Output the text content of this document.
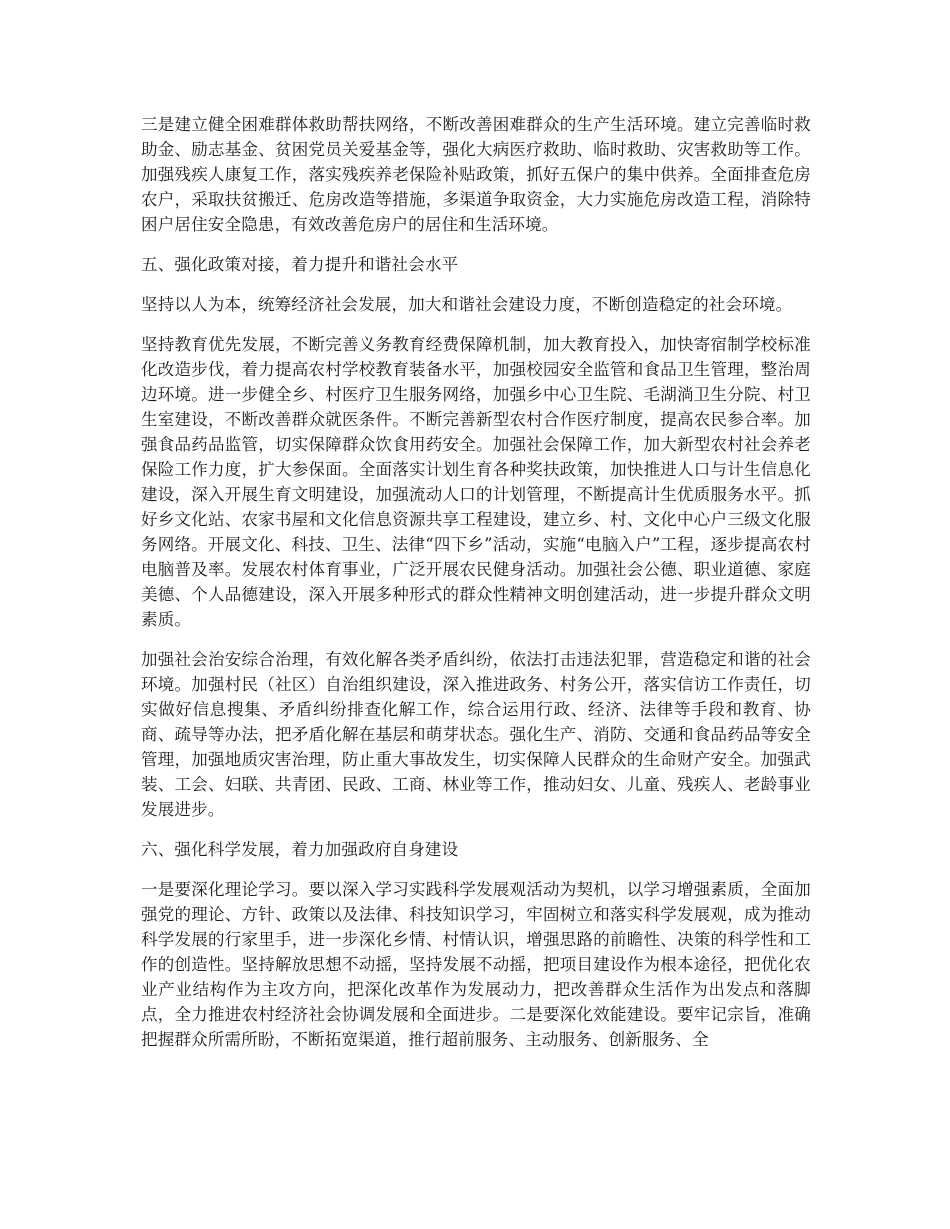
三是建立健全困难群体救助帮扶网络，不断改善困难群众的生产生活环境。建立完善临时救助金、励志基金、贫困党员关爱基金等，强化大病医疗救助、临时救助、灾害救助等工作。加强残疾人康复工作，落实残疾养老保险补贴政策，抓好五保户的集中供养。全面排查危房农户，采取扶贫搬迁、危房改造等措施，多渠道争取资金，大力实施危房改造工程，消除特困户居住安全隐患，有效改善危房户的居住和生活环境。

五、强化政策对接，着力提升和谐社会水平

坚持以人为本，统筹经济社会发展，加大和谐社会建设力度，不断创造稳定的社会环境。

坚持教育优先发展，不断完善义务教育经费保障机制，加大教育投入，加快寄宿制学校标准化改造步伐，着力提高农村学校教育装备水平，加强校园安全监管和食品卫生管理，整治周边环境。进一步健全乡、村医疗卫生服务网络，加强乡中心卫生院、毛湖淌卫生分院、村卫生室建设，不断改善群众就医条件。不断完善新型农村合作医疗制度，提高农民参合率。加强食品药品监管，切实保障群众饮食用药安全。加强社会保障工作，加大新型农村社会养老保险工作力度，扩大参保面。全面落实计划生育各种奖扶政策，加快推进人口与计生信息化建设，深入开展生育文明建设，加强流动人口的计划管理，不断提高计生优质服务水平。抓好乡文化站、农家书屋和文化信息资源共享工程建设，建立乡、村、文化中心户三级文化服务网络。开展文化、科技、卫生、法律“四下乡”活动，实施“电脑入户”工程，逐步提高农村电脑普及率。发展农村体育事业，广泛开展农民健身活动。加强社会公德、职业道德、家庭美德、个人品德建设，深入开展多种形式的群众性精神文明创建活动，进一步提升群众文明素质。

加强社会治安综合治理，有效化解各类矛盾纠纷，依法打击违法犯罪，营造稳定和谐的社会环境。加强村民（社区）自治组织建设，深入推进政务、村务公开，落实信访工作责任，切实做好信息搜集、矛盾纠纷排查化解工作，综合运用行政、经济、法律等手段和教育、协商、疏导等办法，把矛盾化解在基层和萌芽状态。强化生产、消防、交通和食品药品等安全管理，加强地质灾害治理，防止重大事故发生，切实保障人民群众的生命财产安全。加强武装、工会、妇联、共青团、民政、工商、林业等工作，推动妇女、儿童、残疾人、老龄事业发展进步。

六、强化科学发展，着力加强政府自身建设

一是要深化理论学习。要以深入学习实践科学发展观活动为契机，以学习增强素质，全面加强党的理论、方针、政策以及法律、科技知识学习，牢固树立和落实科学发展观，成为推动科学发展的行家里手，进一步深化乡情、村情认识，增强思路的前瞻性、决策的科学性和工作的创造性。坚持解放思想不动摇，坚持发展不动摇，把项目建设作为根本途径，把优化农业产业结构作为主攻方向，把深化改革作为发展动力，把改善群众生活作为出发点和落脚点，全力推进农村经济社会协调发展和全面进步。二是要深化效能建设。要牢记宗旨，准确把握群众所需所盼，不断拓宽渠道，推行超前服务、主动服务、创新服务、全
